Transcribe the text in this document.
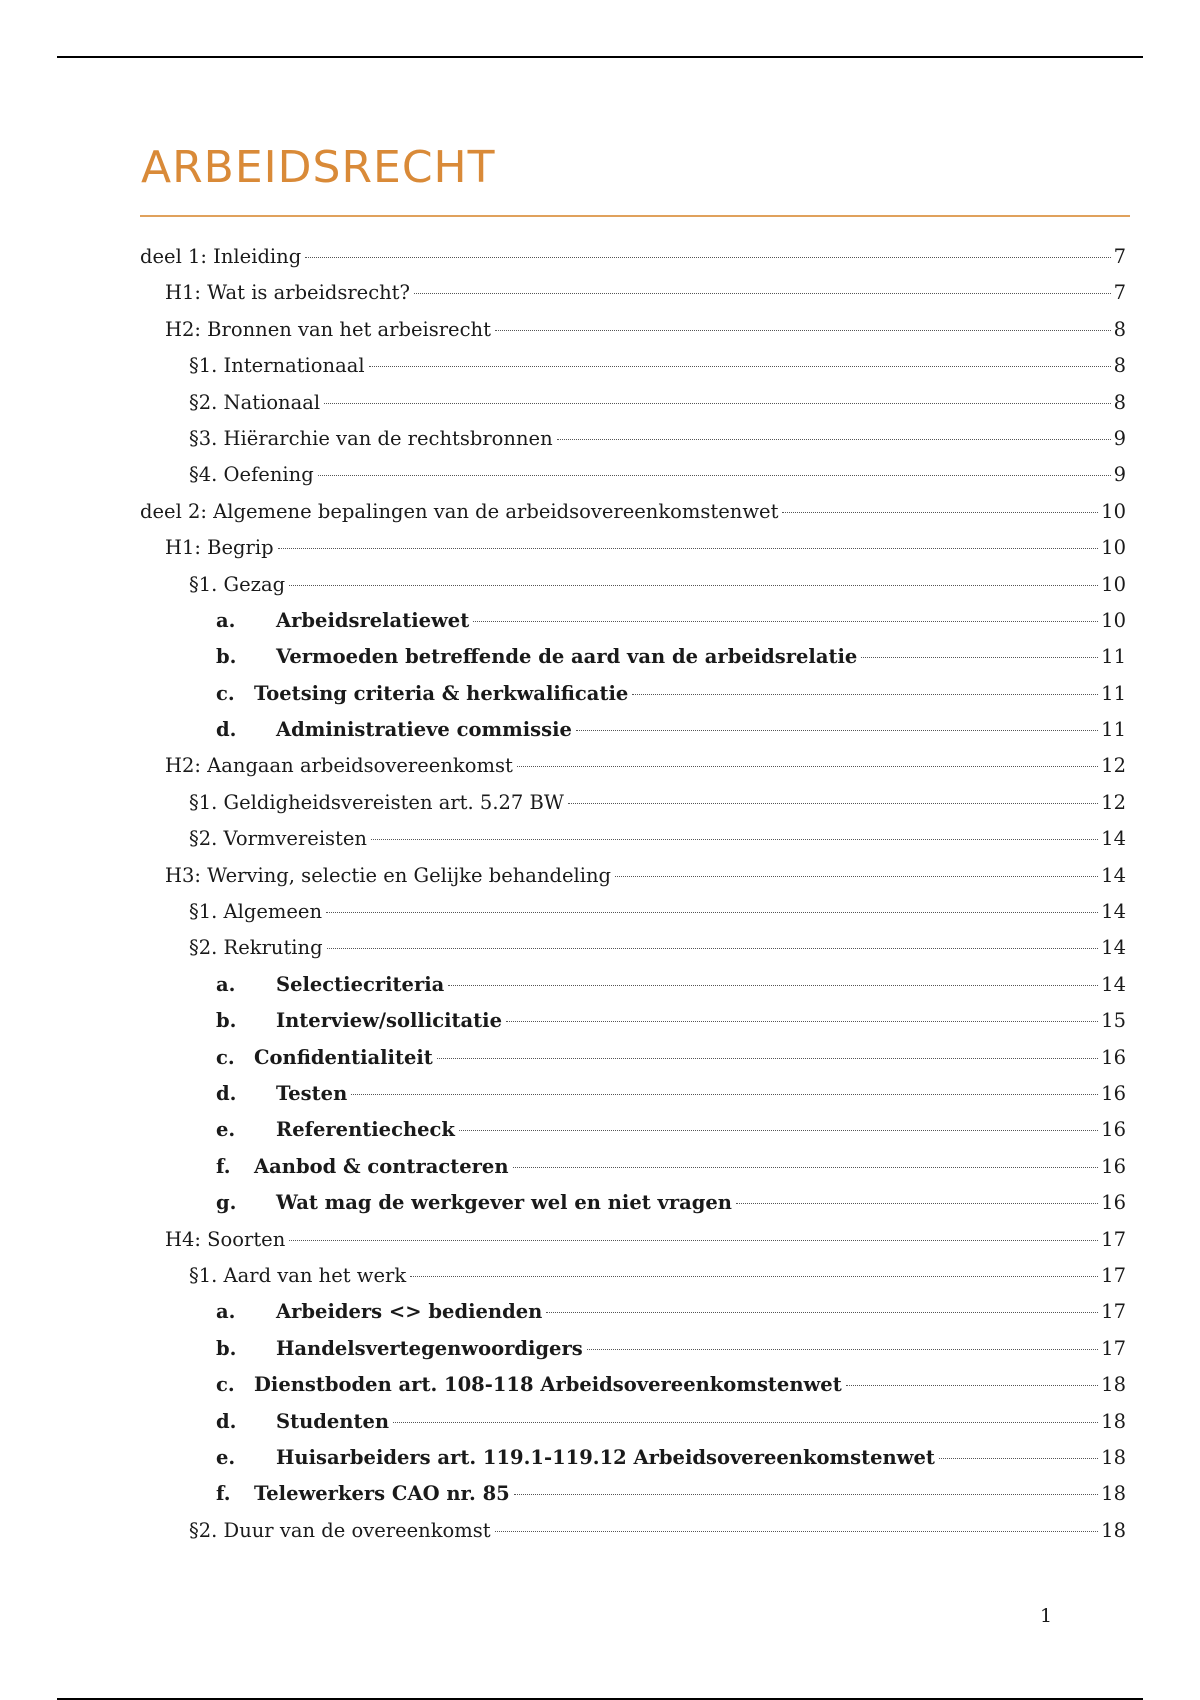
ARBEIDSRECHT
deel 1: Inleiding	7
H1: Wat is arbeidsrecht?	7
H2: Bronnen van het arbeisrecht	8
§1. Internationaal	8
§2. Nationaal	8
§3. Hiërarchie van de rechtsbronnen	9
§4. Oefening	9
deel 2: Algemene bepalingen van de arbeidsovereenkomstenwet	10
H1: Begrip	10
§1. Gezag	10
a.	Arbeidsrelatiewet	10
b.	Vermoeden betreffende de aard van de arbeidsrelatie	11
c. Toetsing criteria & herkwalificatie	11
d.	Administratieve commissie	11
H2: Aangaan arbeidsovereenkomst	12
§1. Geldigheidsvereisten art. 5.27 BW	12
§2. Vormvereisten	14
H3: Werving, selectie en Gelijke behandeling	14
§1. Algemeen	14
§2. Rekruting	14
a.	Selectiecriteria	14
b.	Interview/sollicitatie	15
c. Confidentialiteit	16
d.	Testen	16
e.	Referentiecheck	16
f.	Aanbod & contracteren	16
g.	Wat mag de werkgever wel en niet vragen	16
H4: Soorten	17
§1. Aard van het werk	17
a.	Arbeiders <> bedienden	17
b.	Handelsvertegenwoordigers	17
c. Dienstboden art. 108-118 Arbeidsovereenkomstenwet	18
d.	Studenten	18
e.	Huisarbeiders art. 119.1-119.12 Arbeidsovereenkomstenwet	18
f.	Telewerkers CAO nr. 85	18
§2. Duur van de overeenkomst	18
1
